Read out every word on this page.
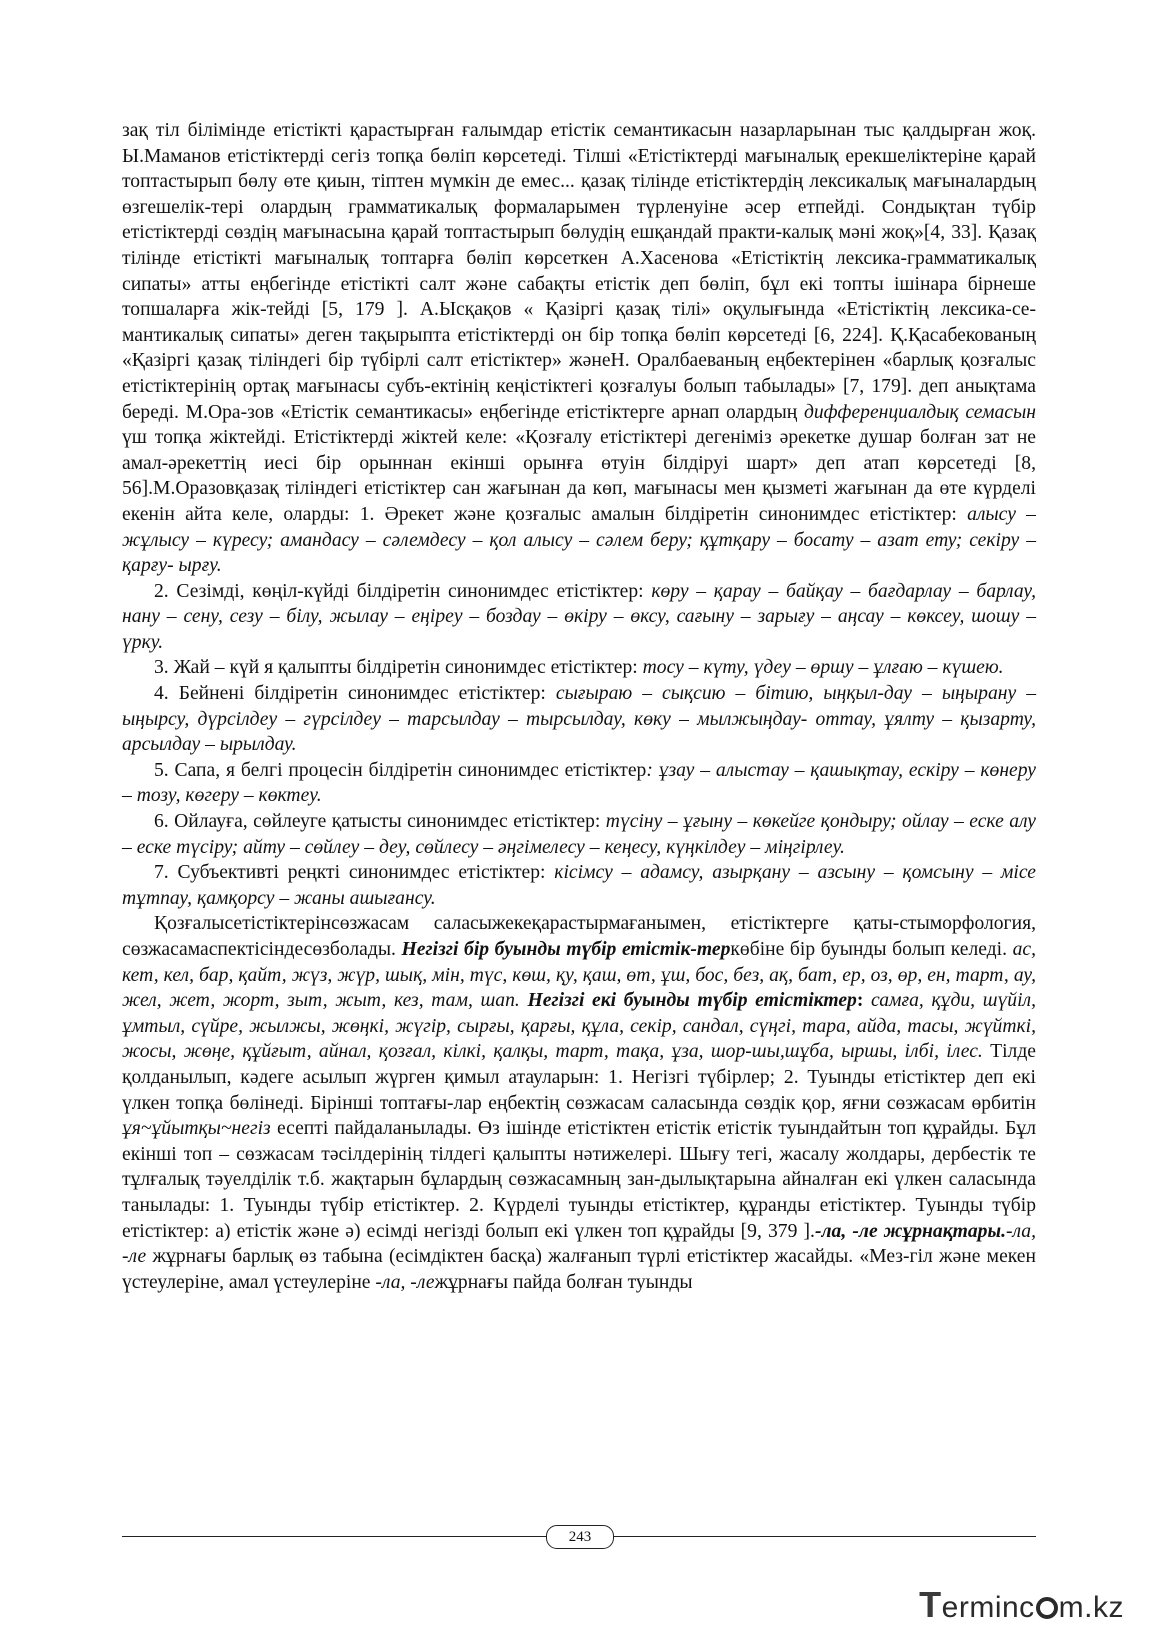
зақ тіл білімінде етістікті қарастырған ғалымдар етістік семантикасын назарларынан тыс қалдырған жоқ. Ы.Маманов етістіктерді сегіз топқа бөліп көрсетеді. Тілші «Етістіктерді мағыналық ерекшеліктеріне қарай топтастырып бөлу өте қиын, тіптен мүмкін де емес... қазақ тілінде етістіктердің лексикалық мағыналардың өзгешелік-тері олардың грамматикалық формаларымен түрленуіне әсер етпейді. Сондықтан түбір етістіктерді сөздің мағынасына қарай топтастырып бөлудің ешқандай практи-калық мәні жоқ»[4, 33]. Қазақ тілінде етістікті мағыналық топтарға бөліп көрсеткен А.Хасенова «Етістіктің лексика-грамматикалық сипаты» атты еңбегінде етістікті салт және сабақты етістік деп бөліп, бұл екі топты ішінара бірнеше топшаларға жік-тейді [5, 179 ]. А.Ысқақов « Қазіргі қазақ тілі» оқулығында «Етістіктің лексика-се-мантикалық сипаты» деген тақырыпта етістіктерді он бір топқа бөліп көрсетеді [6, 224]. Қ.Қасабекованың «Қазіргі қазақ тіліндегі бір түбірлі салт етістіктер» жәнеН. Оралбаеваның еңбектерінен «барлық қозғалыс етістіктерінің ортақ мағынасы субъ-ектінің кеңістіктегі қозғалуы болып табылады» [7, 179]. деп анықтама береді. М.Ора-зов «Етістік семантикасы» еңбегінде етістіктерге арнап олардың дифференциалдық семасын үш топқа жіктейді. Етістіктерді жіктей келе: «Қозғалу етістіктері дегеніміз әрекетке душар болған зат не амал-әрекеттің иесі бір орыннан екінші орынға өтуін білдіруі шарт» деп атап көрсетеді [8, 56].М.Оразовқазақ тіліндегі етістіктер сан жағынан да көп, мағынасы мен қызметі жағынан да өте күрделі екенін айта келе, оларды: 1. Әрекет және қозғалыс амалын білдіретін синонимдес етістіктер: алысу – жұлысу – күресу; амандасу – сәлемдесу – қол алысу – сәлем беру; құтқару – босату – азат ету; секіру – қарғу- ырғу.

2. Сезімді, көңіл-күйді білдіретін синонимдес етістіктер: көру – қарау – байқау – бағдарлау – барлау, нану – сену, сезу – білу, жылау – еңіреу – боздау – өкіру – өксу, сағыну – зарығу – аңсау – көксеу, шошу – үрку.

3. Жай – күй я қалыпты білдіретін синонимдес етістіктер: тосу – күту, үдеу – өршу – ұлғаю – күшею.

4. Бейнені білдіретін синонимдес етістіктер: сығыраю – сықсию – бітию, ыңқыл-дау – ыңырану – ыңырсу, дүрсілдеу – гүрсілдеу – тарсылдау – тырсылдау, көку – мылжыңдау- оттау, ұялту – қызарту, арсылдау – ырылдау.

5. Сапа, я белгі процесін білдіретін синонимдес етістіктер: ұзау – алыстау – қашықтау, ескіру – көнеру – тозу, көгеру – көктеу.

6. Ойлауға, сөйлеуге қатысты синонимдес етістіктер: түсіну – ұғыну – көкейге қондыру; ойлау – еске алу – еске түсіру; айту – сөйлеу – деу, сөйлесу – әңгімелесу – кеңесу, күңкілдеу – міңгірлеу.

7. Субъективті реңкті синонимдес етістіктер: кісімсу – адамсу, азырқану – азсыну – қомсыну – місе тұтпау, қамқорсу – жаны ашығансу.

Қозғалысетістіктерінсөзжасам саласыжекеқарастырмағанымен, етістіктерге қаты-стыморфология, сөзжасамаспектісіндесөзболады. Негізгі бір буынды түбір етістік-теркөбіне бір буынды болып келеді. ас, кет, кел, бар, қайт, жүз, жүр, шық, мін, түс, көш, қу, қаш, өт, ұш, бос, без, ақ, бат, ер, оз, өр, ен, тарт, ау, жел, жет, жорт, зыт, жыт, кез, там, шап. Негізгі екі буынды түбір етістіктер: самға, құди, шүйіл, ұмтыл, сүйре, жылжы, жөңкі, жүгір, сырғы, қарғы, құла, секір, сандал, сүңгі, тара, айда, тасы, жүйткі, жосы, жөңе, құйғыт, айнал, қозғал, кілкі, қалқы, тарт, тақа, ұза, шор-шы,шұба, ыршы, ілбі, ілес. Тілде қолданылып, кәдеге асылып жүрген қимыл атауларын: 1. Негізгі түбірлер; 2. Туынды етістіктер деп екі үлкен топқа бөлінеді. Бірінші топтағы-лар еңбектің сөзжасам саласында сөздік қор, яғни сөзжасам өрбитін ұя~ұйытқы~негіз есепті пайдаланылады. Өз ішінде етістіктен етістік етістік туындайтын топ құрайды. Бұл екінші топ – сөзжасам тәсілдерінің тілдегі қалыпты нәтижелері. Шығу тегі, жасалу жолдары, дербестік те тұлғалық тәуелділік т.б. жақтарын бұлардың сөзжасамның зан-дылықтарына айналған екі үлкен саласында танылады: 1. Туынды түбір етістіктер. 2. Күрделі туынды етістіктер, құранды етістіктер. Туынды түбір етістіктер: а) етістік және ә) есімді негізді болып екі үлкен топ құрайды [9, 379 ].-ла, -ле жұрнақтары.-ла, -ле жұрнағы барлық өз табына (есімдіктен басқа) жалғанып түрлі етістіктер жасайды. «Мез-гіл және мекен үстеулеріне, амал үстеулеріне -ла, -лежұрнағы пайда болған туынды

243
Terminc m.kz
